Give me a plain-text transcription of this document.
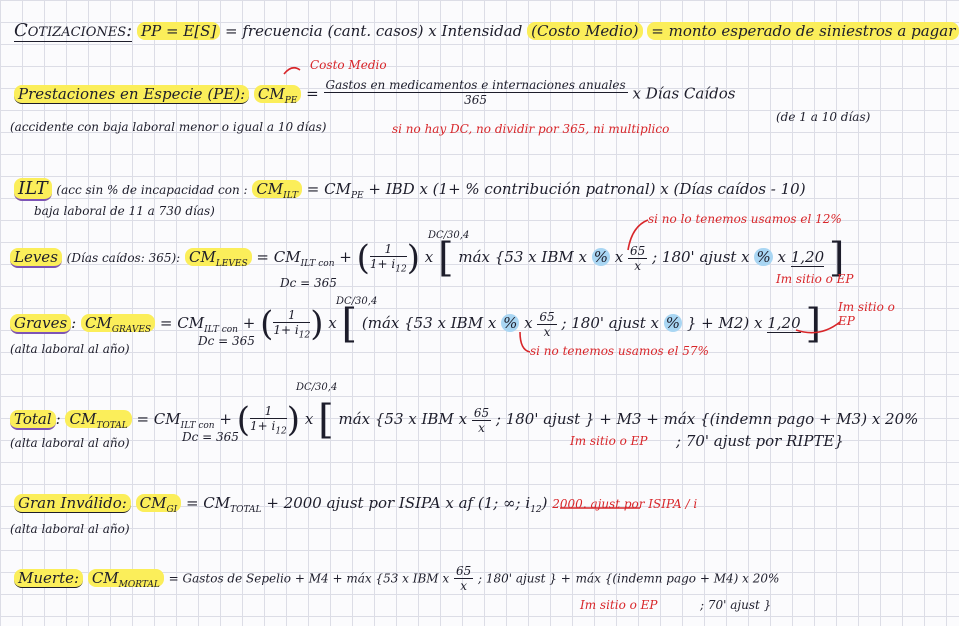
Cotizaciones: PP = E[S] = frecuencia (cant. casos) x Intensidad (Costo Medio) = monto esperado de siniestros a pagar
Costo Medio
Prestaciones en Especie (PE): $CM_{PE} = \frac{\text{Gastos en medicamentos e internaciones anuales}}{365}$ x Días Caídos
(accidente con baja laboral menor o igual a 10 días)	si no hay DC, no dividir por 365, ni multiplico
(de 1 a 10 días)
ILT (acc sin % de incapacidad con : $CM_{ILT} = CM_{PE}$ + IBD x (1+ % contribución patronal) x (Días caídos - 10)
baja laboral de 11 a 730 días)
si no lo tenemos usamos el 12%
DC/30,4
Leves (Días caídos: 365): $CM_{LEVES} = CM_{ILT con}$ + ( $\frac{1}{1+ i_{12}}$ ) x [ máx {53 x IBM x % x $\frac{65}{x}$ ; 180' ajust x % x 1,20 ]
Dc = 365	Im sitio o EP
DC/30,4	Im sitio o EP
Graves : $CM_{GRAVES} = CM_{ILT con}$ + ( $\frac{1}{1+ i_{12}}$ ) x [ (máx {53 x IBM x % x $\frac{65}{x}$ ; 180' ajust x % } + M2) x 1,20 ]
Dc = 365
(alta laboral al año)	si no tenemos usamos el 57%
DC/30,4
Total : $CM_{TOTAL} = CM_{ILT con}$ + ( $\frac{1}{1+ i_{12}}$ ) x [ máx {53 x IBM x $\frac{65}{x}$ ; 180' ajust } + M3 + máx {(indemn pago + M3) x 20%
Dc = 365
(alta laboral al año)	Im sitio o EP ; 70' ajust por RIPTE}
Gran Inválido: $CM_{GI} = CM_{TOTAL} + 2000$ ajust por ISIPA x af (1; ∞; $i_{12}$) 2000. ajust por ISIPA / i
(alta laboral al año)
Muerte: $CM_{MORTAL}$ = Gastos de Sepelio + M4 + máx {53 x IBM x $\frac{65}{x}$ ; 180' ajust } + máx {(indemn pago + M4) x 20%
Im sitio o EP	; 70' ajust }
